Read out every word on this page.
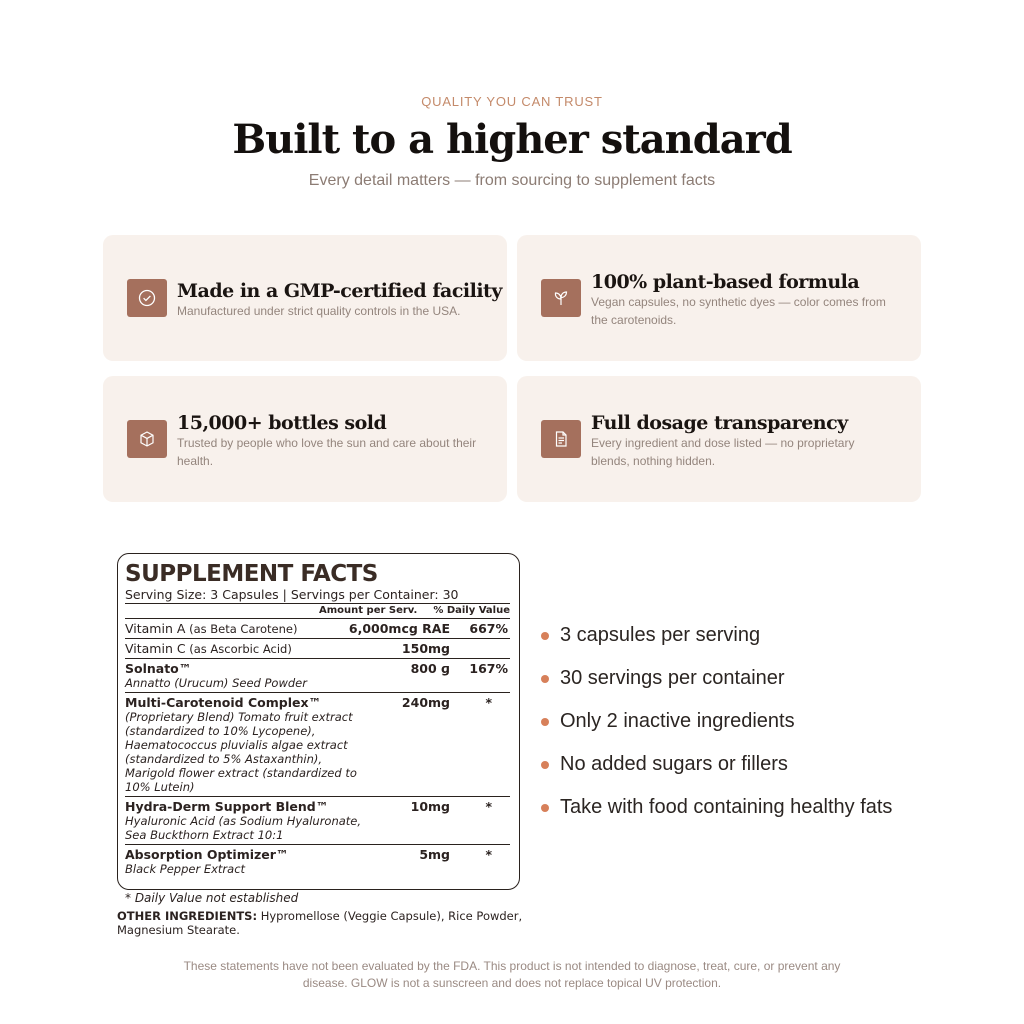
QUALITY YOU CAN TRUST
Built to a higher standard
Every detail matters — from sourcing to supplement facts
Made in a GMP-certified facility
Manufactured under strict quality controls in the USA.
100% plant-based formula
Vegan capsules, no synthetic dyes — color comes from the carotenoids.
15,000+ bottles sold
Trusted by people who love the sun and care about their health.
Full dosage transparency
Every ingredient and dose listed — no proprietary blends, nothing hidden.
SUPPLEMENT FACTS
Serving Size: 3 Capsules | Servings per Container: 30
Amount per Serv. % Daily Value
Vitamin A (as Beta Carotene)	6,000mcg RAE 667%
Vitamin C (as Ascorbic Acid)	150mg
Solnato™
Annatto (Urucum) Seed Powder
800 ɡ 167%
Multi-Carotenoid Complex™
(Proprietary Blend) Tomato fruit extract (standardized to 10% Lycopene), Haematococcus pluvialis algae extract (standardized to 5% Astaxanthin), Marigold flower extract (standardized to 10% Lutein)
240mg	*
Hydra-Derm Support Blend™
Hyaluronic Acid (as Sodium Hyaluronate, Sea Buckthorn Extract 10:1
10mg	*
Absorption Optimizer™
Black Pepper Extract
5mg	*
* Daily Value not established
OTHER INGREDIENTS: Hypromellose (Veggie Capsule), Rice Powder, Magnesium Stearate.
3 capsules per serving
30 servings per container
Only 2 inactive ingredients
No added sugars or fillers
Take with food containing healthy fats
These statements have not been evaluated by the FDA. This product is not intended to diagnose, treat, cure, or prevent any disease. GLOW is not a sunscreen and does not replace topical UV protection.
